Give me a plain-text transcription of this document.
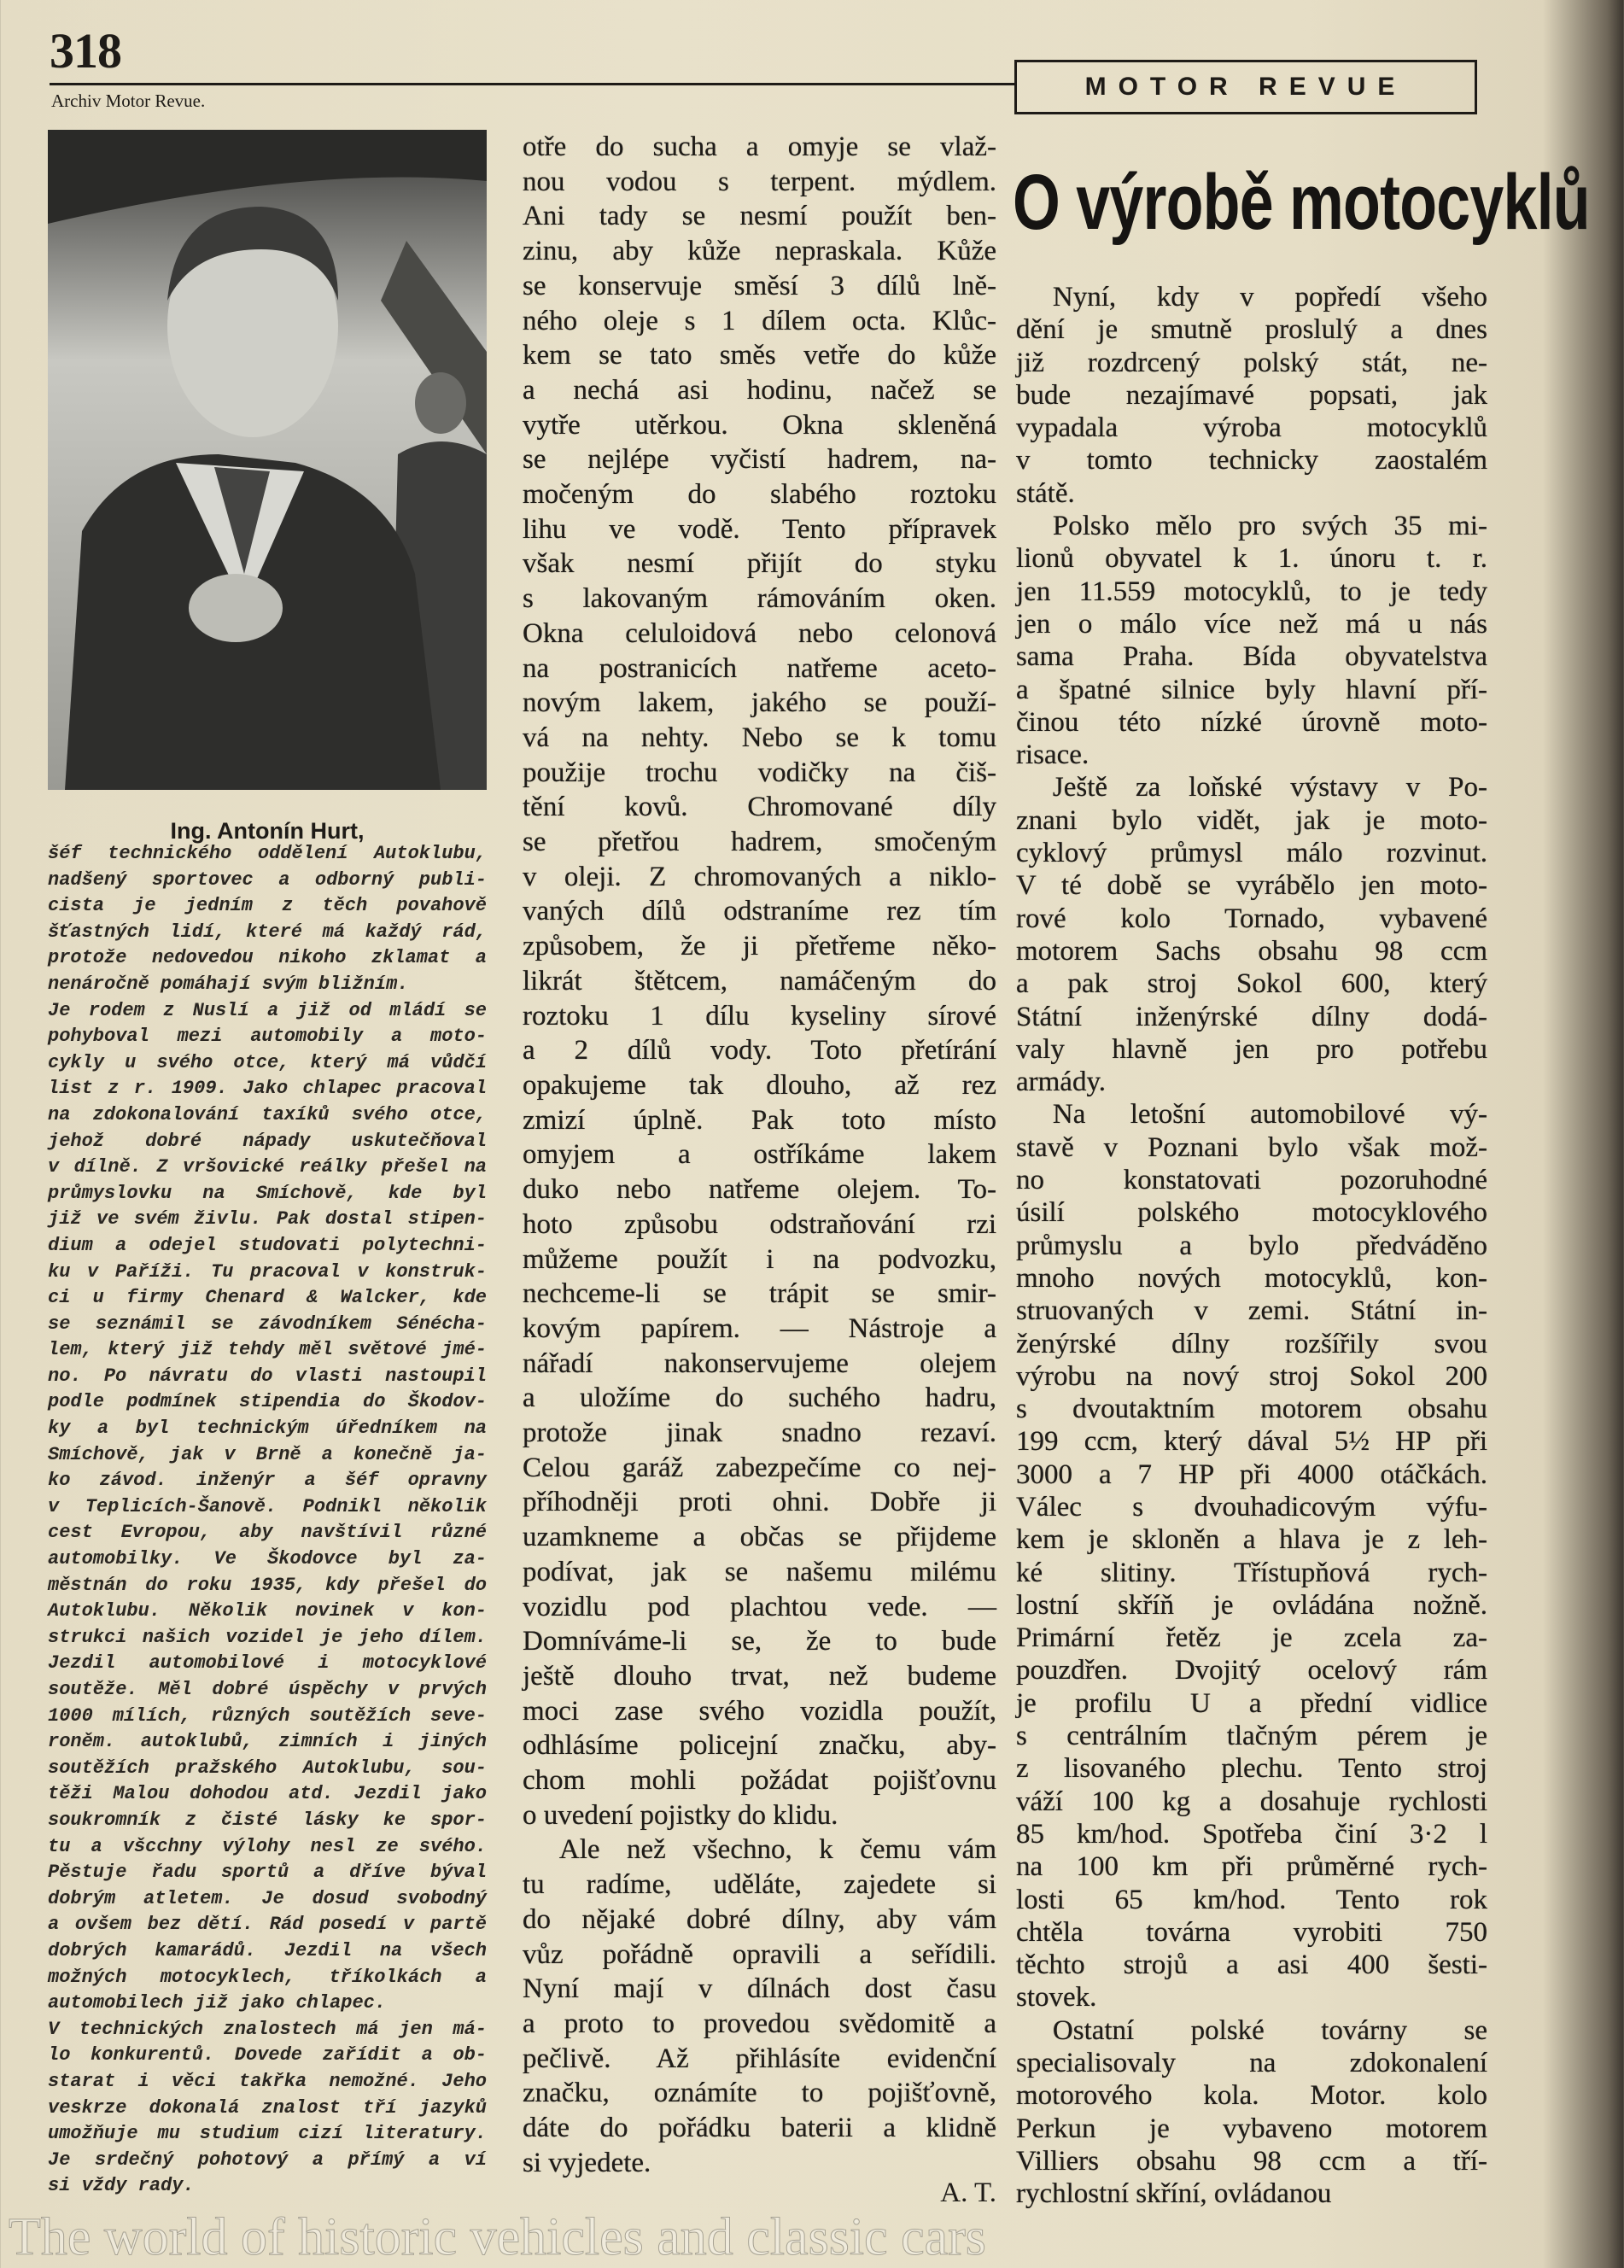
318
Archiv Motor Revue.	MOTOR REVUE
Ing. Antonín Hurt,
šéf technického oddělení Autoklubu,
nadšený sportovec a odborný publi-
cista je jedním z těch povahově
šťastných lidí, které má každý rád,
protože nedovedou nikoho zklamat a
nenáročně pomáhají svým bližním.
Je rodem z Nuslí a již od mládí se
pohyboval mezi automobily a moto-
cykly u svého otce, který má vůdčí
list z r. 1909. Jako chlapec pracoval
na zdokonalování taxíků svého otce,
jehož dobré nápady uskutečňoval
v dílně. Z vršovické reálky přešel na
průmyslovku na Smíchově, kde byl
již ve svém živlu. Pak dostal stipen-
dium a odejel studovati polytechni-
ku v Paříži. Tu pracoval v konstruk-
ci u firmy Chenard & Walcker, kde
se seznámil se závodníkem Sénécha-
lem, který již tehdy měl světové jmé-
no. Po návratu do vlasti nastoupil
podle podmínek stipendia do Škodov-
ky a byl technickým úředníkem na
Smíchově, jak v Brně a konečně ja-
ko závod. inženýr a šéf opravny
v Teplicích-Šanově. Podnikl několik
cest Evropou, aby navštívil různé
automobilky. Ve Škodovce byl za-
městnán do roku 1935, kdy přešel do
Autoklubu. Několik novinek v kon-
strukci našich vozidel je jeho dílem.
Jezdil automobilové i motocyklové
soutěže. Měl dobré úspěchy v prvých
1000 mílích, různých soutěžích seve-
roněm. autoklubů, zimních i jiných
soutěžích pražského Autoklubu, sou-
těži Malou dohodou atd. Jezdil jako
soukromník z čisté lásky ke spor-
tu a všcchny výlohy nesl ze svého.
Pěstuje řadu sportů a dříve býval
dobrým atletem. Je dosud svobodný
a ovšem bez dětí. Rád posedí v partě
dobrých kamarádů. Jezdil na všech
možných motocyklech, tříkolkách a
automobilech již jako chlapec.
V technických znalostech má jen má-
lo konkurentů. Dovede zařídit a ob-
starat i věci takřka nemožné. Jeho
veskrze dokonalá znalost tří jazyků
umožňuje mu studium cizí literatury.
Je srdečný pohotový a přímý a ví
si vždy rady.
otře do sucha a omyje se vlaž-
nou vodou s terpent. mýdlem.
Ani tady se nesmí použít ben-
zinu, aby kůže nepraskala. Kůže
se konservuje směsí 3 dílů lně-
ného oleje s 1 dílem octa. Klůc-
kem se tato směs vetře do kůže
a nechá asi hodinu, načež se
vytře utěrkou. Okna skleněná
se nejlépe vyčistí hadrem, na-
močeným do slabého roztoku
lihu ve vodě. Tento přípravek
však nesmí přijít do styku
s lakovaným rámováním oken.
Okna celuloidová nebo celonová
na postranicích natřeme aceto-
novým lakem, jakého se použí-
vá na nehty. Nebo se k tomu
použije trochu vodičky na čiš-
tění kovů. Chromované díly
se přetřou hadrem, smočeným
v oleji. Z chromovaných a niklo-
vaných dílů odstraníme rez tím
způsobem, že ji přetřeme něko-
likrát štětcem, namáčeným do
roztoku 1 dílu kyseliny sírové
a 2 dílů vody. Toto přetírání
opakujeme tak dlouho, až rez
zmizí úplně. Pak toto místo
omyjem a ostříkáme lakem
duko nebo natřeme olejem. To-
hoto způsobu odstraňování rzi
můžeme použít i na podvozku,
nechceme-li se trápit se smir-
kovým papírem. — Nástroje a
nářadí nakonservujeme olejem
a uložíme do suchého hadru,
protože jinak snadno rezaví.
Celou garáž zabezpečíme co nej-
příhodněji proti ohni. Dobře ji
uzamkneme a občas se přijdeme
podívat, jak se našemu milému
vozidlu pod plachtou vede. —
Domníváme-li se, že to bude
ještě dlouho trvat, než budeme
moci zase svého vozidla použít,
odhlásíme policejní značku, aby-
chom mohli požádat pojišťovnu
o uvedení pojistky do klidu.
Ale než všechno, k čemu vám
tu radíme, uděláte, zajedete si
do nějaké dobré dílny, aby vám
vůz pořádně opravili a seřídili.
Nyní mají v dílnách dost času
a proto to provedou svědomitě a
pečlivě. Až přihlásíte evidenční
značku, oznámíte to pojišťovně,
dáte do pořádku baterii a klidně
si vyjedete.
A. T.
O výrobě motocyklů
Nyní, kdy v popředí všeho
dění je smutně proslulý a dnes
již rozdrcený polský stát, ne-
bude nezajímavé popsati, jak
vypadala výroba motocyklů
v tomto technicky zaostalém
státě.
Polsko mělo pro svých 35 mi-
lionů obyvatel k 1. únoru t. r.
jen 11.559 motocyklů, to je tedy
jen o málo více než má u nás
sama Praha. Bída obyvatelstva
a špatné silnice byly hlavní pří-
činou této nízké úrovně moto-
risace.
Ještě za loňské výstavy v Po-
znani bylo vidět, jak je moto-
cyklový průmysl málo rozvinut.
V té době se vyrábělo jen moto-
rové kolo Tornado, vybavené
motorem Sachs obsahu 98 ccm
a pak stroj Sokol 600, který
Státní inženýrské dílny dodá-
valy hlavně jen pro potřebu
armády.
Na letošní automobilové vý-
stavě v Poznani bylo však mož-
no konstatovati pozoruhodné
úsilí polského motocyklového
průmyslu a bylo předváděno
mnoho nových motocyklů, kon-
struovaných v zemi. Státní in-
ženýrské dílny rozšířily svou
výrobu na nový stroj Sokol 200
s dvoutaktním motorem obsahu
199 ccm, který dával 5½ HP při
3000 a 7 HP při 4000 otáčkách.
Válec s dvouhadicovým výfu-
kem je skloněn a hlava je z leh-
ké slitiny. Třístupňová rych-
lostní skříň je ovládána nožně.
Primární řetěz je zcela za-
pouzdřen. Dvojitý ocelový rám
je profilu U a přední vidlice
s centrálním tlačným pérem je
z lisovaného plechu. Tento stroj
váží 100 kg a dosahuje rychlosti
85 km/hod. Spotřeba činí 3·2 l
na 100 km při průměrné rych-
losti 65 km/hod. Tento rok
chtěla továrna vyrobiti 750
těchto strojů a asi 400 šesti-
stovek.
Ostatní polské továrny se
specialisovaly na zdokonalení
motorového kola. Motor. kolo
Perkun je vybaveno motorem
Villiers obsahu 98 ccm a tří-
rychlostní skříní, ovládanou
The world of historic vehicles and classic cars
